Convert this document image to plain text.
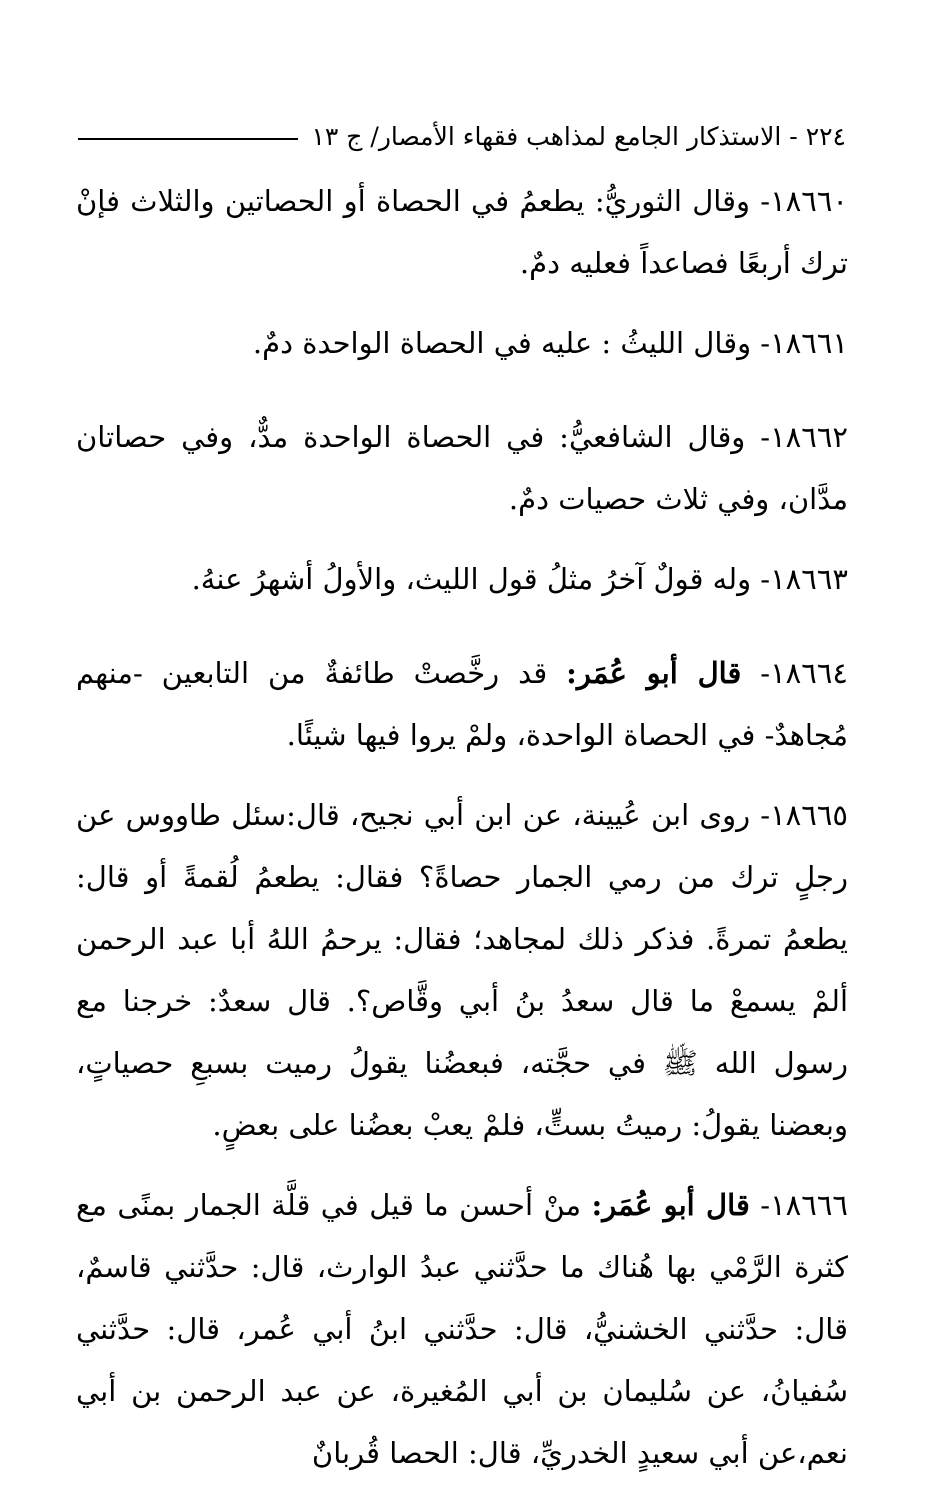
٢٢٤ - الاستذكار الجامع لمذاهب فقهاء الأمصار/ ج ١٣

١٨٦٦٠- وقال الثوريُّ: يطعمُ في الحصاة أو الحصاتين والثلاث فإنْ ترك أربعًا فصاعداً فعليه دمٌ.

١٨٦٦١- وقال الليثُ : عليه في الحصاة الواحدة دمٌ.

١٨٦٦٢- وقال الشافعيُّ: في الحصاة الواحدة مدٌّ، وفي حصاتان مدَّان، وفي ثلاث حصيات دمٌ.

١٨٦٦٣- وله قولٌ آخرُ مثلُ قول الليث، والأولُ أشهرُ عنهُ.

١٨٦٦٤- قال أبو عُمَر: قد رخَّصتْ طائفةٌ من التابعين -منهم مُجاهدٌ- في الحصاة الواحدة، ولمْ يروا فيها شيئًا.

١٨٦٦٥- روى ابن عُيينة، عن ابن أبي نجيح، قال:سئل طاووس عن رجلٍ ترك من رمي الجمار حصاةً؟ فقال: يطعمُ لُقمةً أو قال: يطعمُ تمرةً. فذكر ذلك لمجاهد؛ فقال: يرحمُ اللهُ أبا عبد الرحمن ألمْ يسمعْ ما قال سعدُ بنُ أبي وقَّاص؟. قال سعدٌ: خرجنا مع رسول الله ﷺ في حجَّته، فبعضُنا يقولُ رميت بسبعِ حصياتٍ، وبعضنا يقولُ: رميتُ بستٍّ، فلمْ يعبْ بعضُنا على بعضٍ.

١٨٦٦٦- قال أبو عُمَر: منْ أحسن ما قيل في قلَّة الجمار بمنًى مع كثرة الرَّمْي بها هُناك ما حدَّثني عبدُ الوارث، قال: حدَّثني قاسمٌ، قال: حدَّثني الخشنيُّ، قال: حدَّثني ابنُ أبي عُمر، قال: حدَّثني سُفيانُ، عن سُليمان بن أبي المُغيرة، عن عبد الرحمن بن أبي نعم،عن أبي سعيدٍ الخدريِّ، قال: الحصا قُربانٌ
